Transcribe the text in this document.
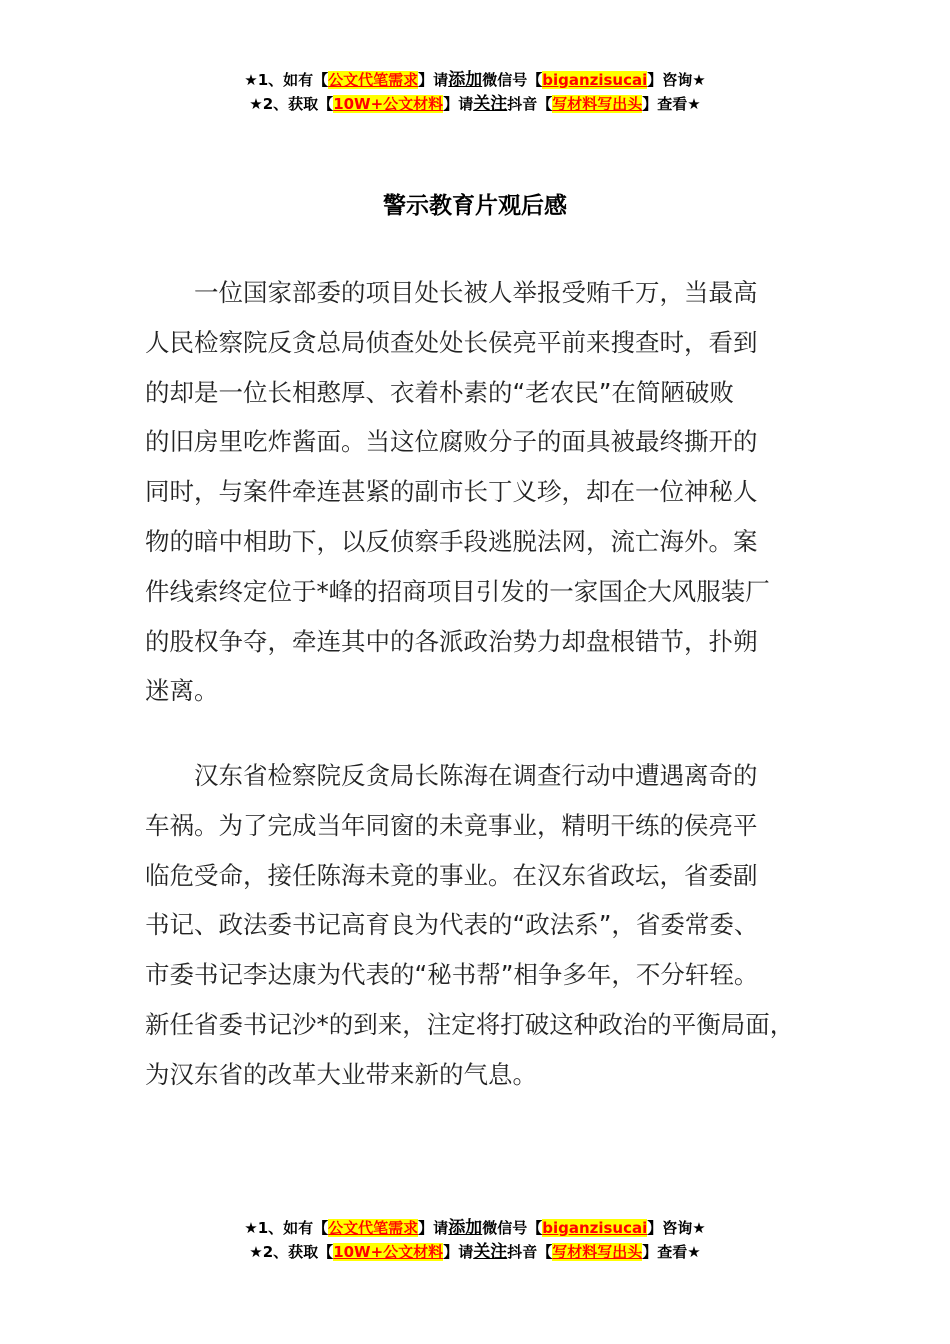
★1、如有【公文代笔需求】请添加微信号【biganzisucai】咨询★
★2、获取【10W+公文材料】请关注抖音【写材料写出头】查看★
警示教育片观后感

　　一位国家部委的项目处长被人举报受贿千万，当最高
人民检察院反贪总局侦查处处长侯亮平前来搜查时，看到
的却是一位长相憨厚、衣着朴素的“老农民”在简陋破败
的旧房里吃炸酱面。当这位腐败分子的面具被最终撕开的
同时，与案件牵连甚紧的副市长丁义珍，却在一位神秘人
物的暗中相助下，以反侦察手段逃脱法网，流亡海外。案
件线索终定位于*峰的招商项目引发的一家国企大风服装厂
的股权争夺，牵连其中的各派政治势力却盘根错节，扑朔
迷离。

　　汉东省检察院反贪局长陈海在调查行动中遭遇离奇的
车祸。为了完成当年同窗的未竟事业，精明干练的侯亮平
临危受命，接任陈海未竟的事业。在汉东省政坛，省委副
书记、政法委书记高育良为代表的“政法系”，省委常委、
市委书记李达康为代表的“秘书帮”相争多年，不分轩轾。
新任省委书记沙*的到来，注定将打破这种政治的平衡局面，
为汉东省的改革大业带来新的气息。

★1、如有【公文代笔需求】请添加微信号【biganzisucai】咨询★
★2、获取【10W+公文材料】请关注抖音【写材料写出头】查看★
